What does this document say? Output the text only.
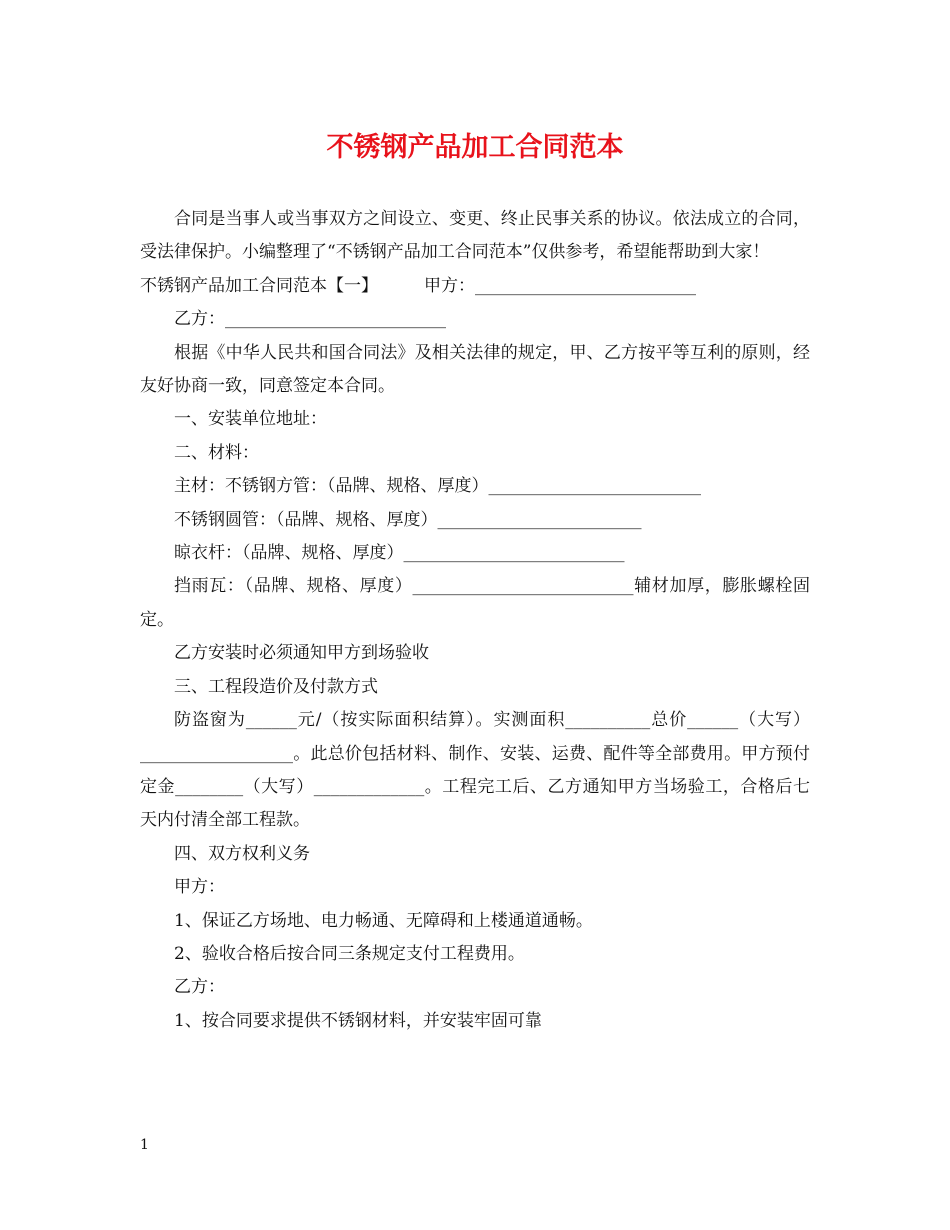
不锈钢产品加工合同范本

合同是当事人或当事双方之间设立、变更、终止民事关系的协议。依法成立的合同，受法律保护。小编整理了“不锈钢产品加工合同范本”仅供参考，希望能帮助到大家！

不锈钢产品加工合同范本【一】	甲方：__________________________

乙方：__________________________

根据《中华人民共和国合同法》及相关法律的规定，甲、乙方按平等互利的原则，经友好协商一致，同意签定本合同。

一、安装单位地址：

二、材料：

主材：不锈钢方管：（品牌、规格、厚度）_________________________

不锈钢圆管：（品牌、规格、厚度）________________________

晾衣杆：（品牌、规格、厚度）__________________________

挡雨瓦：（品牌、规格、厚度）__________________________辅材加厚，膨胀螺栓固定。

乙方安装时必须通知甲方到场验收

三、工程段造价及付款方式

防盗窗为______元/（按实际面积结算）。实测面积__________总价______（大写）__________________。此总价包括材料、制作、安装、运费、配件等全部费用。甲方预付定金________（大写）_____________。工程完工后、乙方通知甲方当场验工，合格后七天内付清全部工程款。

四、双方权利义务

甲方：

1、保证乙方场地、电力畅通、无障碍和上楼通道通畅。

2、验收合格后按合同三条规定支付工程费用。

乙方：

1、按合同要求提供不锈钢材料，并安装牢固可靠

1
